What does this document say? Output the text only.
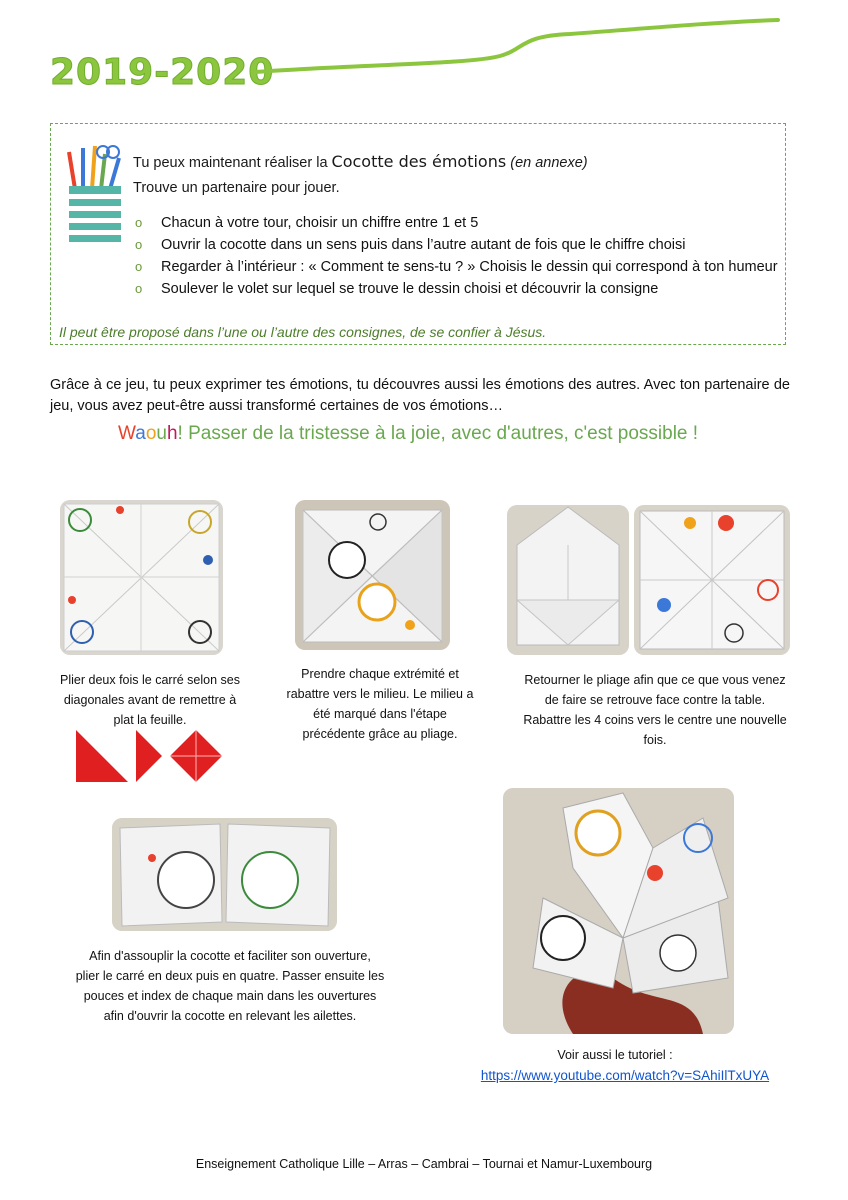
2019-2020
Tu peux maintenant réaliser la Cocotte des émotions (en annexe)
Trouve un partenaire pour jouer.
o Chacun à votre tour, choisir un chiffre entre 1 et 5
o Ouvrir la cocotte dans un sens puis dans l’autre autant de fois que le chiffre choisi
o Regarder à l’intérieur : « Comment te sens-tu ? » Choisis le dessin qui correspond à ton humeur
o Soulever le volet sur lequel se trouve le dessin choisi et découvrir la consigne
Il peut être proposé dans l’une ou l’autre des consignes, de se confier à Jésus.
Grâce à ce jeu, tu peux exprimer tes émotions, tu découvres aussi les émotions des autres. Avec ton partenaire de jeu, vous avez peut-être aussi transformé certaines de vos émotions…
Waouh! Passer de la tristesse à la joie, avec d'autres, c'est possible !
Plier deux fois le carré selon ses
diagonales avant de remettre à
plat la feuille.
Prendre chaque extrémité et
rabattre vers le milieu. Le milieu a
été marqué dans l'étape
précédente grâce au pliage.
Retourner le pliage afin que ce que vous venez
de faire se retrouve face contre la table.
Rabattre les 4 coins vers le centre une nouvelle
fois.
Afin d'assouplir la cocotte et faciliter son ouverture,
plier le carré en deux puis en quatre. Passer ensuite les
pouces et index de chaque main dans les ouvertures
afin d'ouvrir la cocotte en relevant les ailettes.
Voir aussi le tutoriel :
https://www.youtube.com/watch?v=SAhiIlTxUYA
Enseignement Catholique Lille – Arras – Cambrai – Tournai et Namur-Luxembourg
